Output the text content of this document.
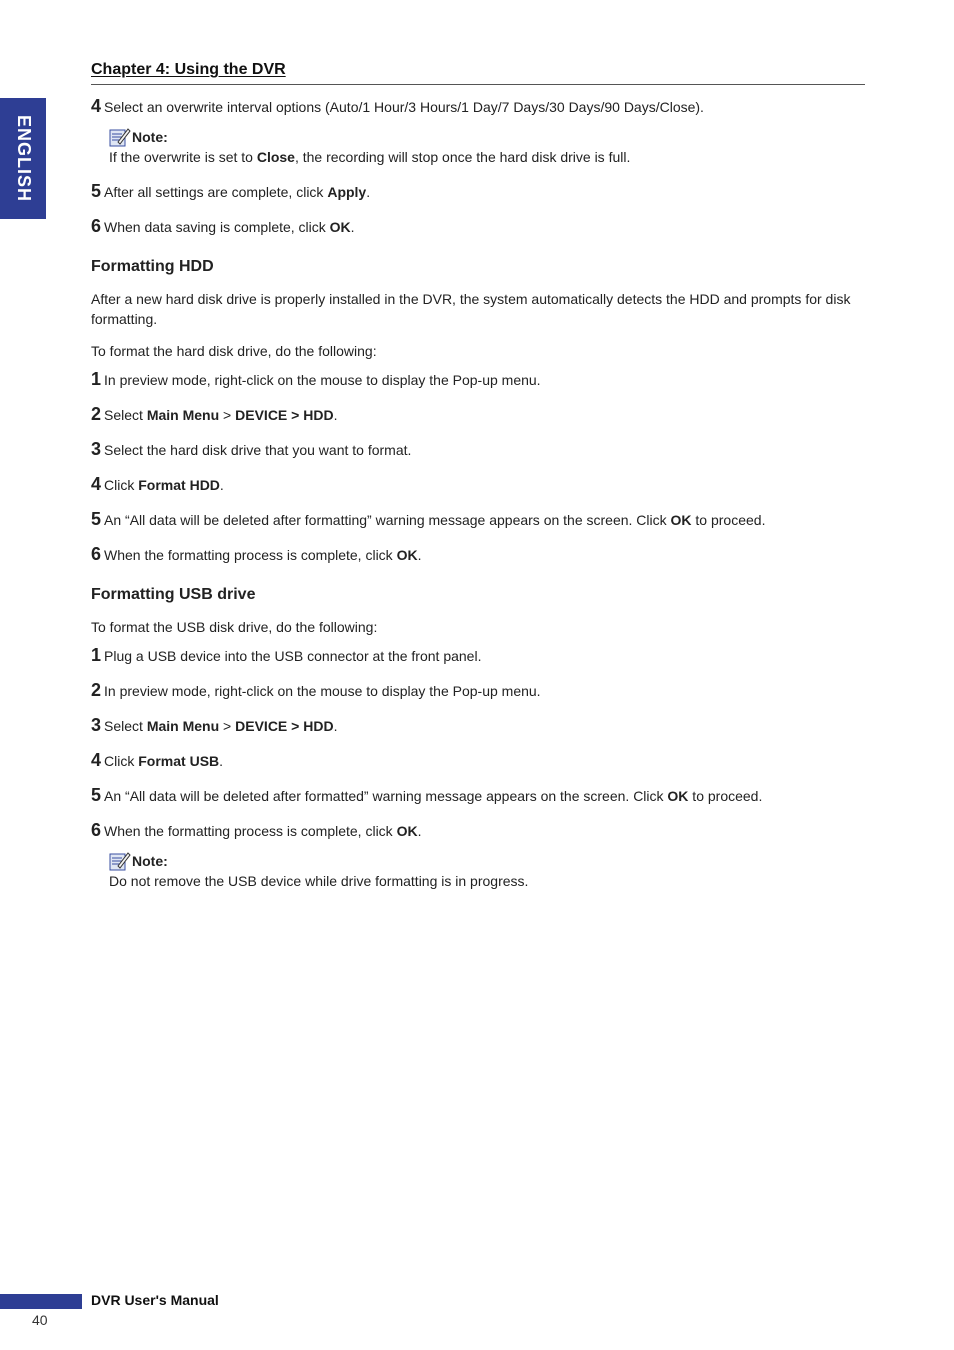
ENGLISH
Chapter 4: Using the DVR
4 Select an overwrite interval options (Auto/1 Hour/3 Hours/1 Day/7 Days/30 Days/90 Days/Close).
Note:
If the overwrite is set to Close, the recording will stop once the hard disk drive is full.
5 After all settings are complete, click Apply.
6 When data saving is complete, click OK.
Formatting HDD
After a new hard disk drive is properly installed in the DVR, the system automatically detects the HDD and prompts for disk formatting.
To format the hard disk drive, do the following:
1 In preview mode, right-click on the mouse to display the Pop-up menu.
2 Select Main Menu > DEVICE > HDD.
3 Select the hard disk drive that you want to format.
4 Click Format HDD.
5 An “All data will be deleted after formatting” warning message appears on the screen. Click OK to proceed.
6 When the formatting process is complete, click OK.
Formatting USB drive
To format the USB disk drive, do the following:
1 Plug a USB device into the USB connector at the front panel.
2 In preview mode, right-click on the mouse to display the Pop-up menu.
3 Select Main Menu > DEVICE > HDD.
4 Click Format USB.
5 An “All data will be deleted after formatted” warning message appears on the screen. Click OK to proceed.
6 When the formatting process is complete, click OK.
Note:
Do not remove the USB device while drive formatting is in progress.
DVR User's Manual
40
